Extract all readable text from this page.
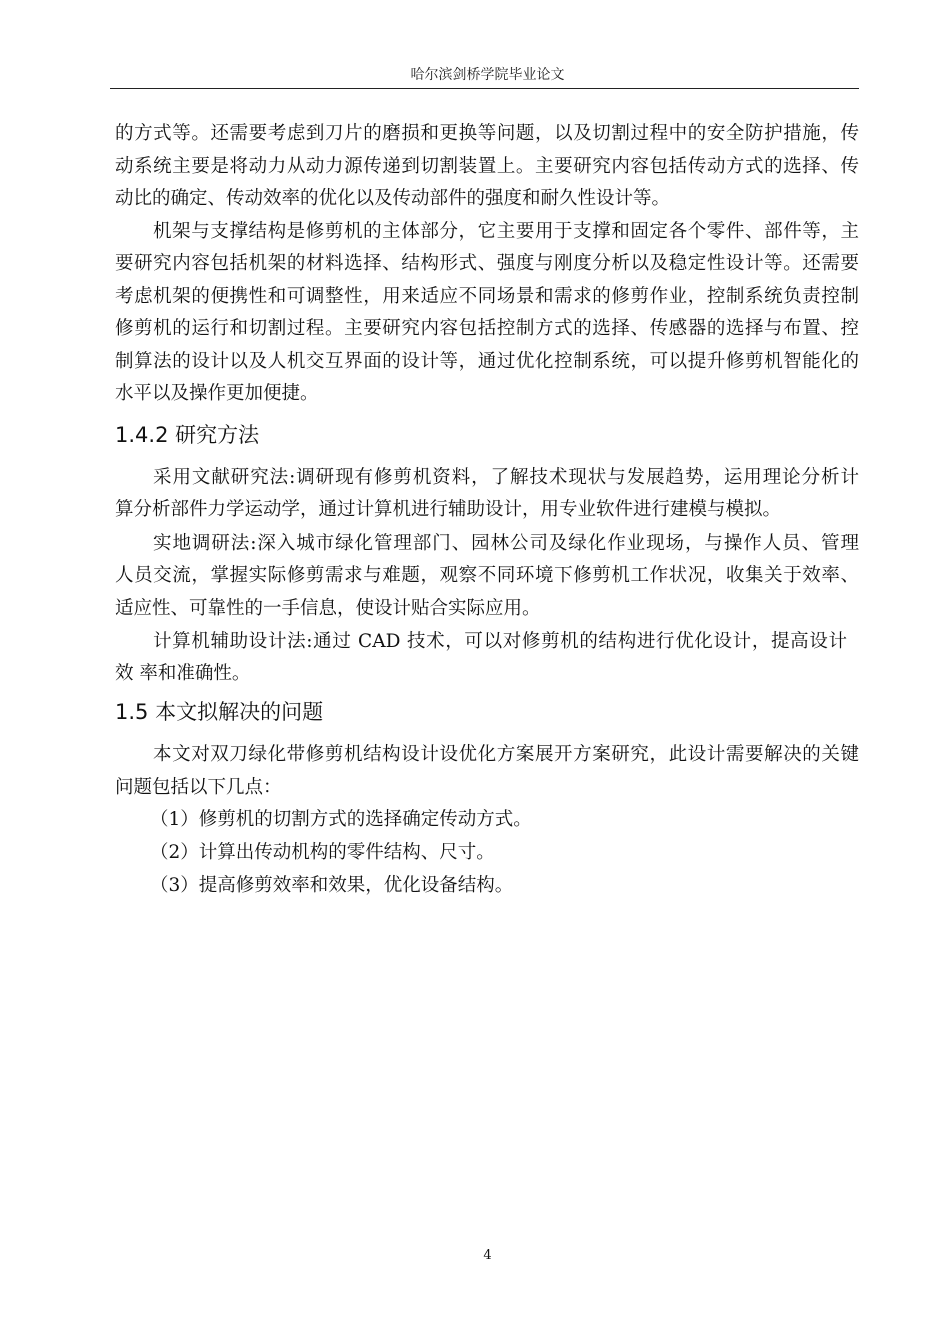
哈尔滨剑桥学院毕业论文
的方式等。还需要考虑到刀片的磨损和更换等问题，以及切割过程中的安全防护措施，传
动系统主要是将动力从动力源传递到切割装置上。主要研究内容包括传动方式的选择、传
动比的确定、传动效率的优化以及传动部件的强度和耐久性设计等。
机架与支撑结构是修剪机的主体部分，它主要用于支撑和固定各个零件、部件等，主
要研究内容包括机架的材料选择、结构形式、强度与刚度分析以及稳定性设计等。还需要
考虑机架的便携性和可调整性，用来适应不同场景和需求的修剪作业，控制系统负责控制
修剪机的运行和切割过程。主要研究内容包括控制方式的选择、传感器的选择与布置、控
制算法的设计以及人机交互界面的设计等，通过优化控制系统，可以提升修剪机智能化的
水平以及操作更加便捷。
1.4.2 研究方法
采用文献研究法:调研现有修剪机资料，了解技术现状与发展趋势，运用理论分析计
算分析部件力学运动学，通过计算机进行辅助设计，用专业软件进行建模与模拟。
实地调研法:深入城市绿化管理部门、园林公司及绿化作业现场，与操作人员、管理
人员交流，掌握实际修剪需求与难题，观察不同环境下修剪机工作状况，收集关于效率、
适应性、可靠性的一手信息，使设计贴合实际应用。
计算机辅助设计法:通过 CAD 技术，可以对修剪机的结构进行优化设计，提高设计
效 率和准确性。
1.5 本文拟解决的问题
本文对双刀绿化带修剪机结构设计设优化方案展开方案研究，此设计需要解决的关键
问题包括以下几点：
（1）修剪机的切割方式的选择确定传动方式。
（2）计算出传动机构的零件结构、尺寸。
（3）提高修剪效率和效果，优化设备结构。
4
